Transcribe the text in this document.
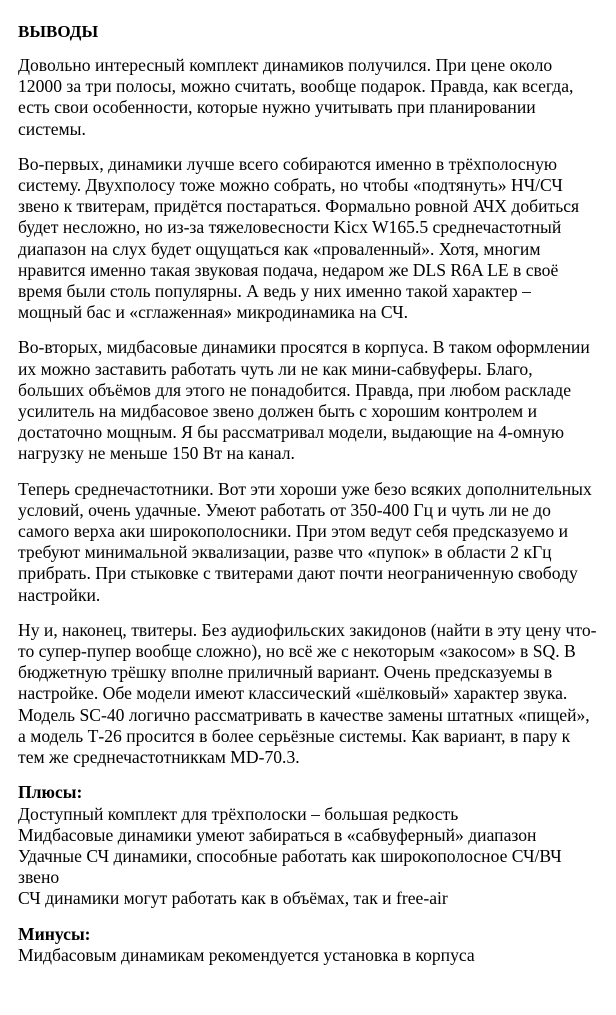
ВЫВОДЫ

Довольно интересный комплект динамиков получился. При цене около 12000 за три полосы, можно считать, вообще подарок. Правда, как всегда, есть свои особенности, которые нужно учитывать при планировании системы.

Во-первых, динамики лучше всего собираются именно в трёхполосную систему. Двухполосу тоже можно собрать, но чтобы «подтянуть» НЧ/СЧ звено к твитерам, придётся постараться. Формально ровной АЧХ добиться будет несложно, но из-за тяжеловесности Kicx W165.5 среднечастотный диапазон на слух будет ощущаться как «проваленный». Хотя, многим нравится именно такая звуковая подача, недаром же DLS R6A LE в своё время были столь популярны. А ведь у них именно такой характер – мощный бас и «сглаженная» микродинамика на СЧ.

Во-вторых, мидбасовые динамики просятся в корпуса. В таком оформлении их можно заставить работать чуть ли не как мини-сабвуферы. Благо, больших объёмов для этого не понадобится. Правда, при любом раскладе усилитель на мидбасовое звено должен быть с хорошим контролем и достаточно мощным. Я бы рассматривал модели, выдающие на 4-омную нагрузку не меньше 150 Вт на канал.

Теперь среднечастотники. Вот эти хороши уже безо всяких дополнительных условий, очень удачные. Умеют работать от 350-400 Гц и чуть ли не до самого верха аки широкополосники. При этом ведут себя предсказуемо и требуют минимальной эквализации, разве что «пупок» в области 2 кГц прибрать. При стыковке с твитерами дают почти неограниченную свободу настройки.

Ну и, наконец, твитеры. Без аудиофильских закидонов (найти в эту цену что-то супер-пупер вообще сложно), но всё же с некоторым «закосом» в SQ. В бюджетную трёшку вполне приличный вариант. Очень предсказуемы в настройке. Обе модели имеют классический «шёлковый» характер звука. Модель SC-40 логично рассматривать в качестве замены штатных «пищей», а модель Т-26 просится в более серьёзные системы. Как вариант, в пару к тем же среднечастотниккам MD-70.3.

Плюсы:
Доступный комплект для трёхполоски – большая редкость
Мидбасовые динамики умеют забираться в «сабвуферный» диапазон
Удачные СЧ динамики, способные работать как широкополосное СЧ/ВЧ звено
СЧ динамики могут работать как в объёмах, так и free-air
Минусы:
Мидбасовым динамикам рекомендуется установка в корпуса
